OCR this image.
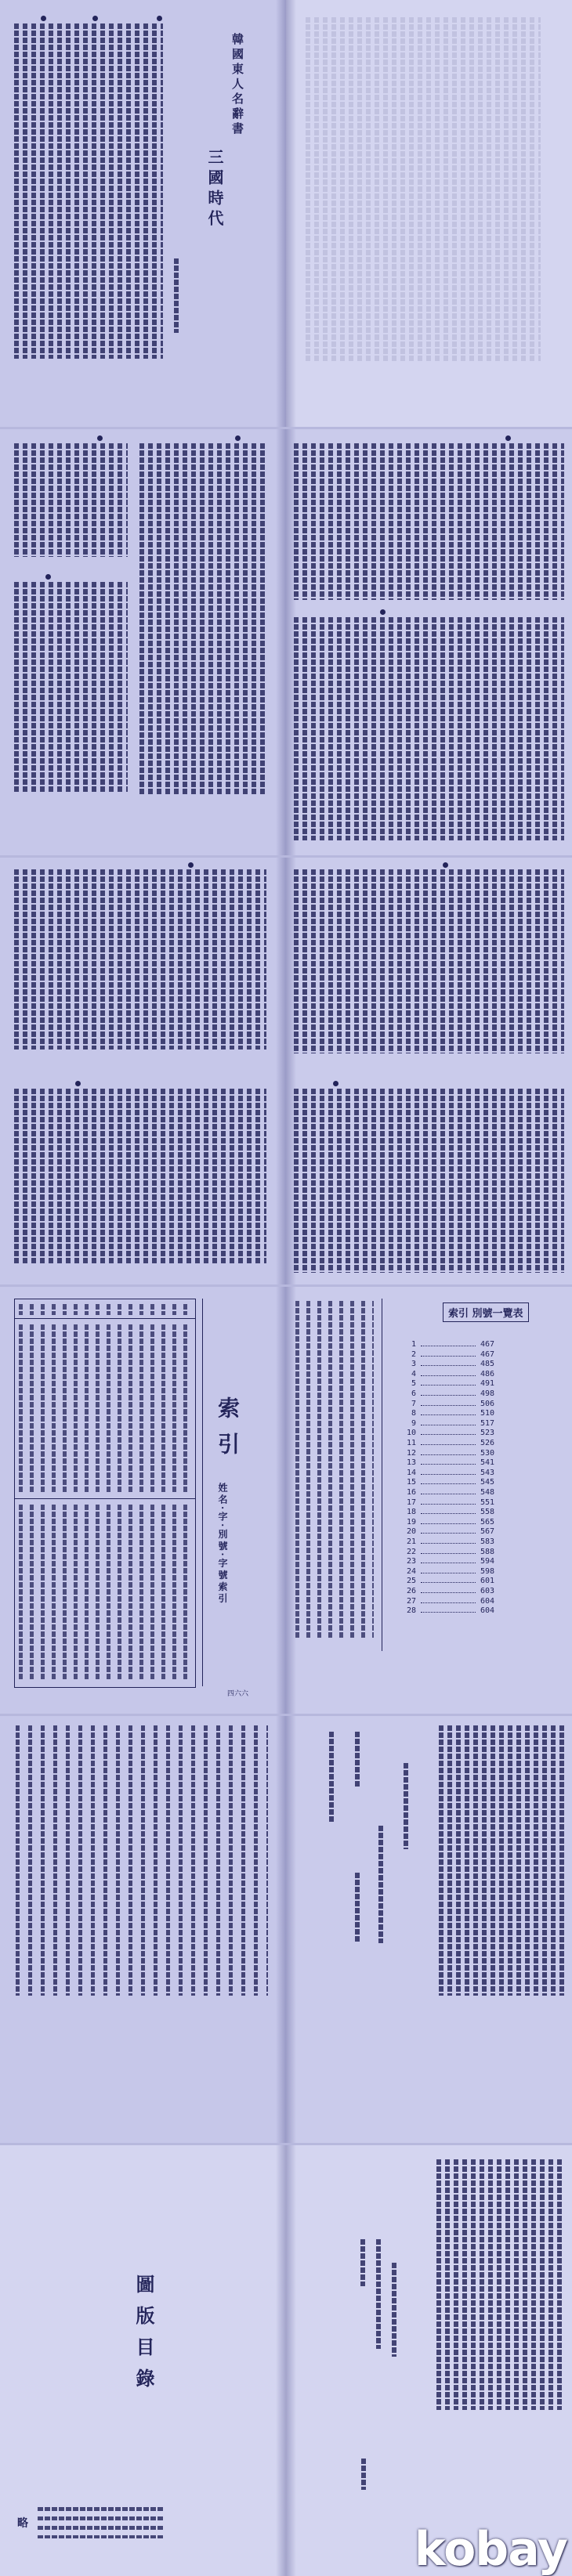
韓國東人名辭書
三國時代
索引
姓名·字·別號·字號索引
四六六
索引 別號一覽表
1	467
2	467
3	485
4	486
5	491
6	498
7	506
8	510
9	517
10	523
11	526
12	530
13	541
14	543
15	545
16	548
17	551
18	558
19	565
20	567
21	583
22	588
23	594
24	598
25	601
26	603
27	604
28	604
圖版目錄
略	kobay
